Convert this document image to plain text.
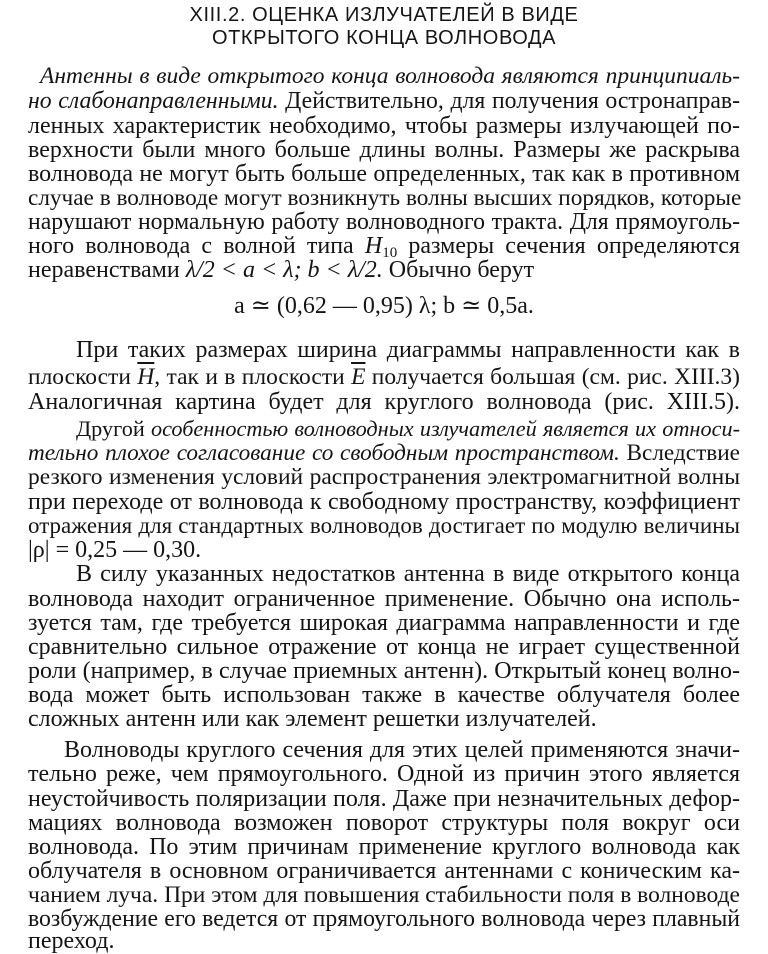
XIII.2. ОЦЕНКА ИЗЛУЧАТЕЛЕЙ В ВИДЕ
ОТКРЫТОГО КОНЦА ВОЛНОВОДА
Антенны в виде открытого конца волновода являются принципиаль-
но слабонаправленными. Действительно, для получения остронаправ-
ленных характеристик необходимо, чтобы размеры излучающей по-
верхности были много больше длины волны. Размеры же раскрыва
волновода не могут быть больше определенных, так как в противном
случае в волноводе могут возникнуть волны высших порядков, которые
нарушают нормальную работу волноводного тракта. Для прямоуголь-
ного волновода с волной типа $H_{10}$ размеры сечения определяются
неравенствами λ/2 < a < λ; b < λ/2. Обычно берут
a ≃ (0,62 — 0,95) λ; b ≃ 0,5a.
При таких размерах ширина диаграммы направленности как в
плоскости $\overline{H}$, так и в плоскости $\overline{E}$ получается большая (см. рис. XIII.3)
Аналогичная картина будет для круглого волновода (рис. XIII.5).
Другой особенностью волноводных излучателей является их относи-
тельно плохое согласование со свободным пространством. Вследствие
резкого изменения условий распространения электромагнитной волны
при переходе от волновода к свободному пространству, коэффициент
отражения для стандартных волноводов достигает по модулю величины
|ρ| = 0,25 — 0,30.
В силу указанных недостатков антенна в виде открытого конца
волновода находит ограниченное применение. Обычно она исполь-
зуется там, где требуется широкая диаграмма направленности и где
сравнительно сильное отражение от конца не играет существенной
роли (например, в случае приемных антенн). Открытый конец волно-
вода может быть использован также в качестве облучателя более
сложных антенн или как элемент решетки излучателей.
Волноводы круглого сечения для этих целей применяются значи-
тельно реже, чем прямоугольного. Одной из причин этого является
неустойчивость поляризации поля. Даже при незначительных дефор-
мациях волновода возможен поворот структуры поля вокруг оси
волновода. По этим причинам применение круглого волновода как
облучателя в основном ограничивается антеннами с коническим ка-
чанием луча. При этом для повышения стабильности поля в волноводе
возбуждение его ведется от прямоугольного волновода через плавный
переход.
